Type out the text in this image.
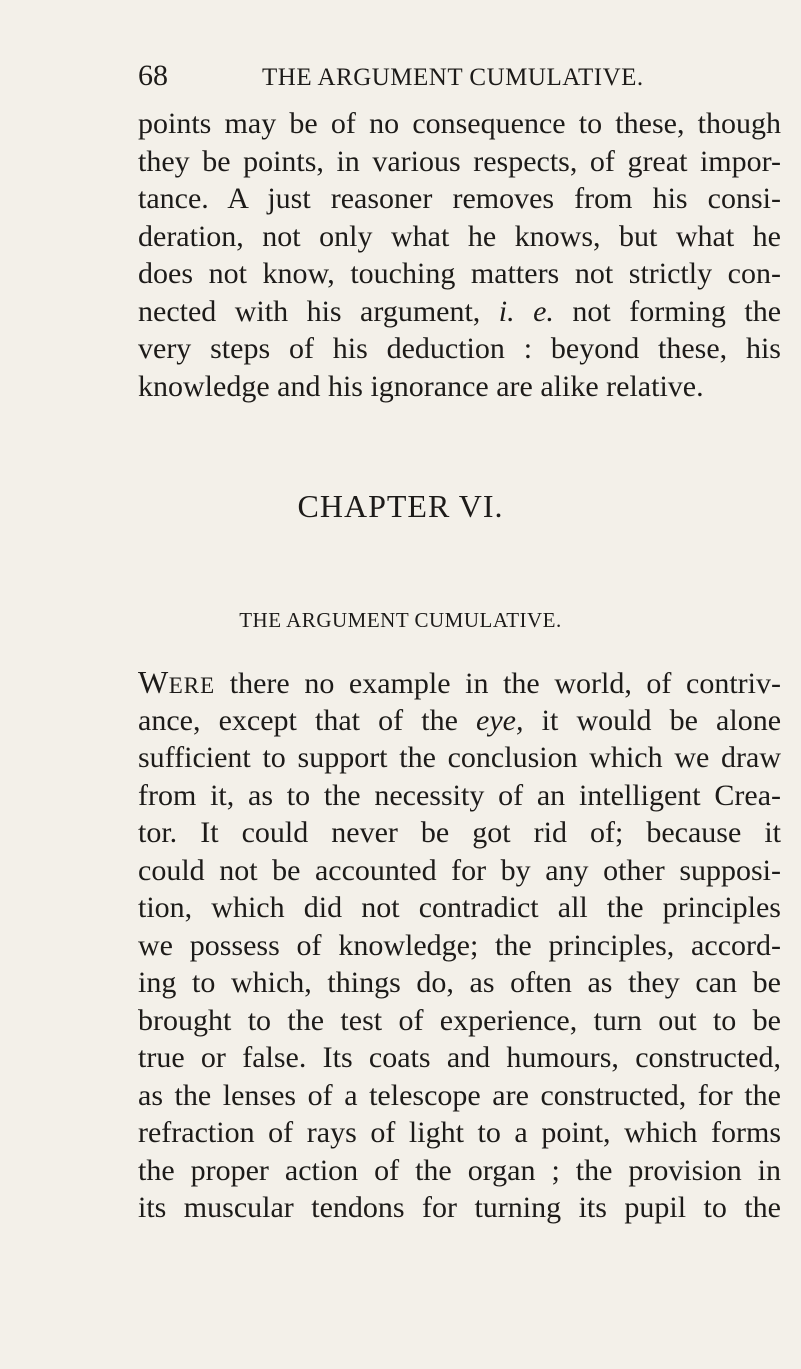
68	THE ARGUMENT CUMULATIVE.
points may be of no consequence to these, though
they be points, in various respects, of great impor-
tance. A just reasoner removes from his consi-
deration, not only what he knows, but what he
does not know, touching matters not strictly con-
nected with his argument, i. e. not forming the
very steps of his deduction : beyond these, his
knowledge and his ignorance are alike relative.
CHAPTER VI.
THE ARGUMENT CUMULATIVE.
WERE there no example in the world, of contriv-
ance, except that of the eye, it would be alone
sufficient to support the conclusion which we draw
from it, as to the necessity of an intelligent Crea-
tor. It could never be got rid of; because it
could not be accounted for by any other supposi-
tion, which did not contradict all the principles
we possess of knowledge; the principles, accord-
ing to which, things do, as often as they can be
brought to the test of experience, turn out to be
true or false. Its coats and humours, constructed,
as the lenses of a telescope are constructed, for the
refraction of rays of light to a point, which forms
the proper action of the organ ; the provision in
its muscular tendons for turning its pupil to the
